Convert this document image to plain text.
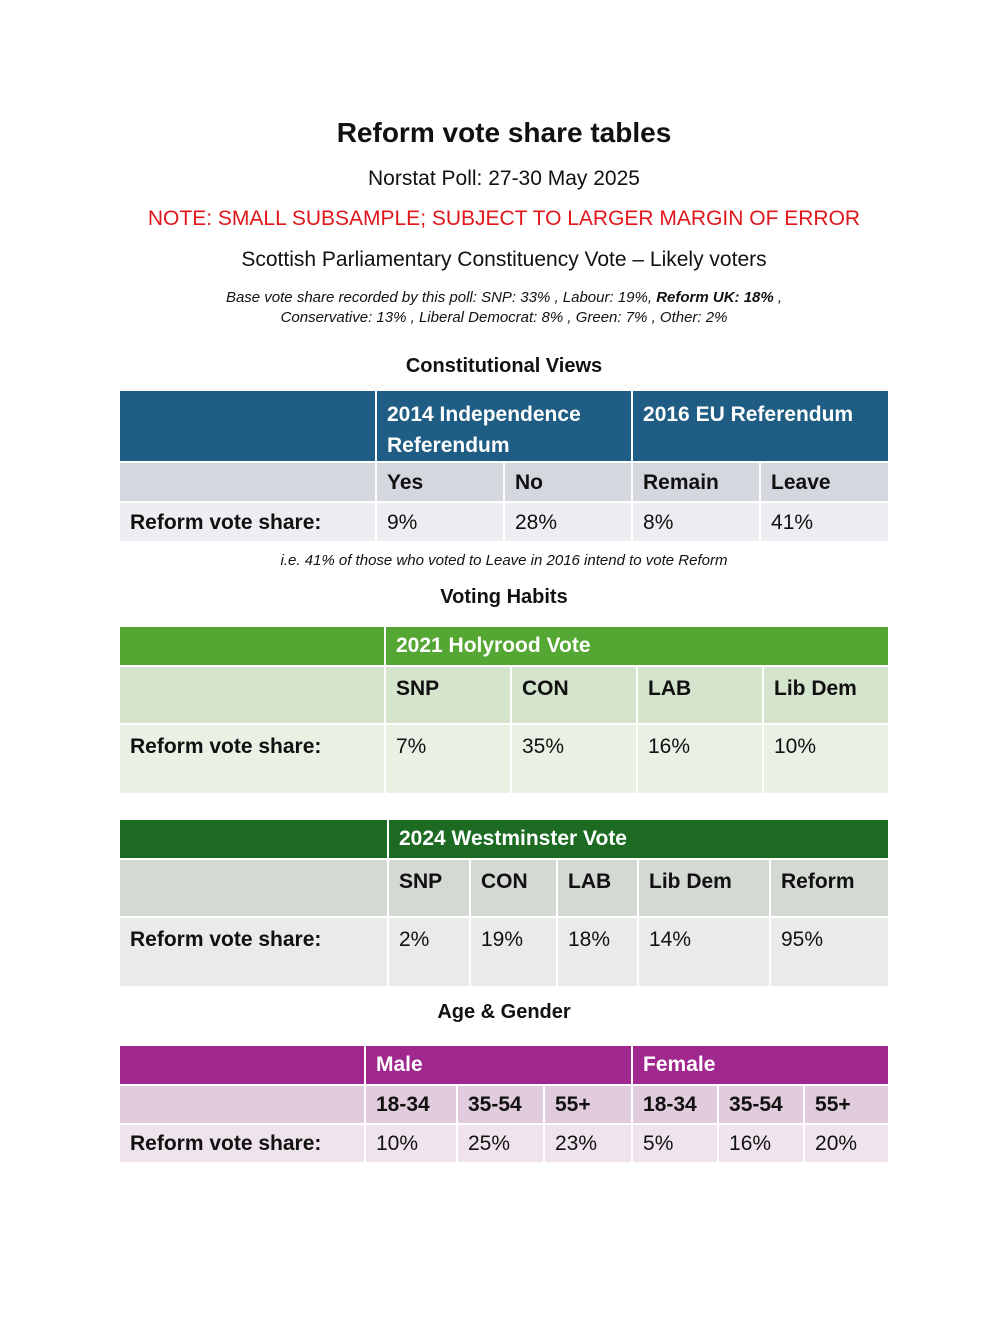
Reform vote share tables
Norstat Poll: 27-30 May 2025
NOTE: SMALL SUBSAMPLE; SUBJECT TO LARGER MARGIN OF ERROR
Scottish Parliamentary Constituency Vote – Likely voters
Base vote share recorded by this poll: SNP: 33% , Labour: 19%, Reform UK: 18% ,
Conservative: 13% , Liberal Democrat: 8% , Green: 7% , Other: 2%
Constitutional Views
	2014 Independence Referendum		2016 EU Referendum	
	Yes	No	Remain	Leave
Reform vote share:	9%	28%	8%	41%
i.e. 41% of those who voted to Leave in 2016 intend to vote Reform
Voting Habits
	2021 Holyrood Vote			
	SNP	CON	LAB	Lib Dem
Reform vote share:	7%	35%	16%	10%
	2024 Westminster Vote				
	SNP	CON	LAB	Lib Dem	Reform
Reform vote share:	2%	19%	18%	14%	95%
Age & Gender
	Male			Female		
	18-34	35-54	55+	18-34	35-54	55+
Reform vote share:	10%	25%	23%	5%	16%	20%
